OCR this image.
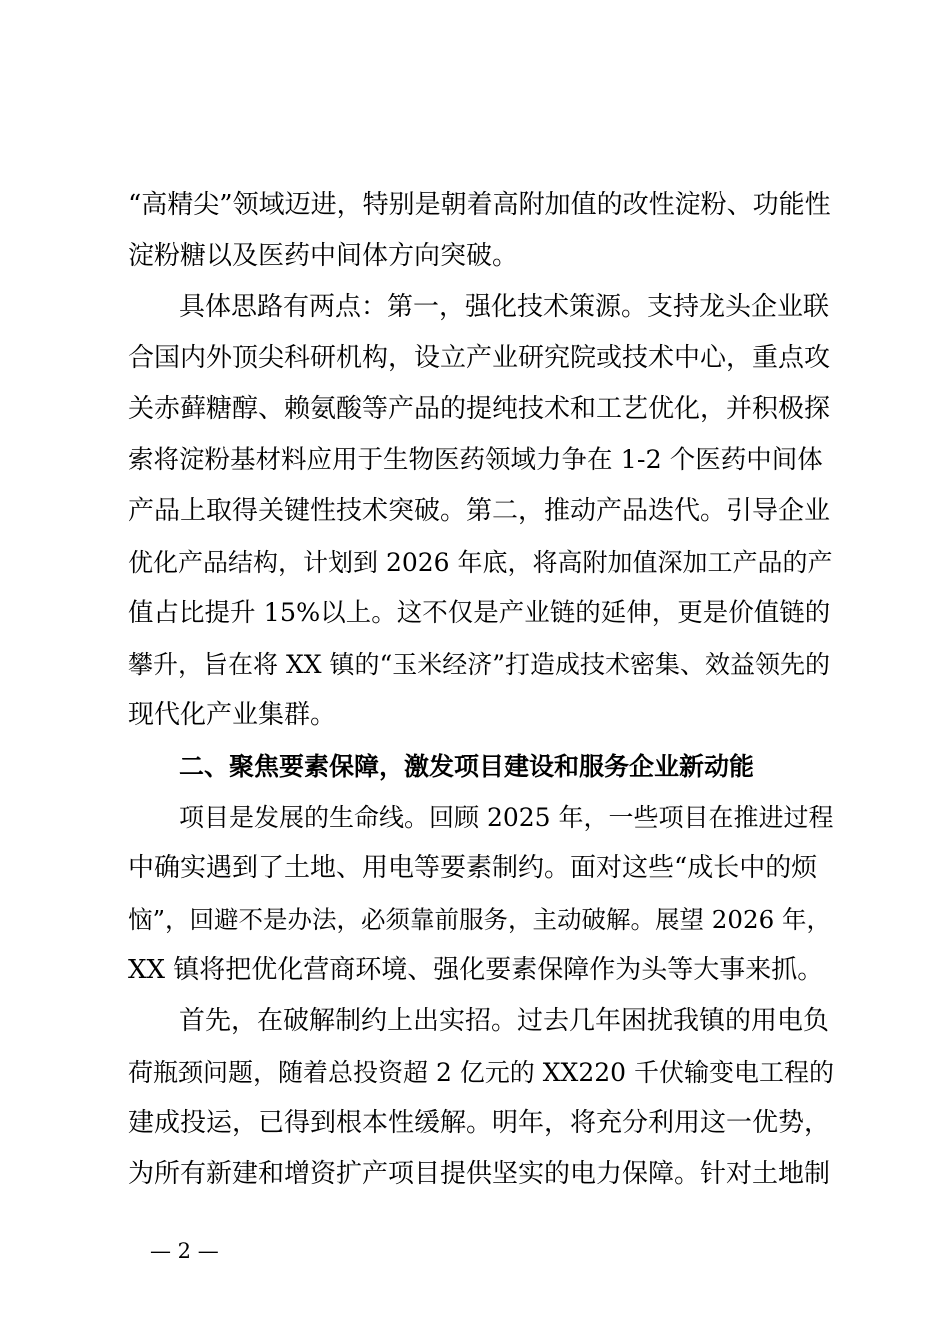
“高精尖”领域迈进，特别是朝着高附加值的改性淀粉、功能性
淀粉糖以及医药中间体方向突破。
具体思路有两点：第一，强化技术策源。支持龙头企业联
合国内外顶尖科研机构，设立产业研究院或技术中心，重点攻
关赤藓糖醇、赖氨酸等产品的提纯技术和工艺优化，并积极探
索将淀粉基材料应用于生物医药领域力争在 1-2 个医药中间体
产品上取得关键性技术突破。第二，推动产品迭代。引导企业
优化产品结构，计划到 2026 年底，将高附加值深加工产品的产
值占比提升 15%以上。这不仅是产业链的延伸，更是价值链的
攀升，旨在将 XX 镇的“玉米经济”打造成技术密集、效益领先的
现代化产业集群。
二、聚焦要素保障，激发项目建设和服务企业新动能
项目是发展的生命线。回顾 2025 年，一些项目在推进过程
中确实遇到了土地、用电等要素制约。面对这些“成长中的烦
恼”，回避不是办法，必须靠前服务，主动破解。展望 2026 年，
XX 镇将把优化营商环境、强化要素保障作为头等大事来抓。
首先，在破解制约上出实招。过去几年困扰我镇的用电负
荷瓶颈问题，随着总投资超 2 亿元的 XX220 千伏输变电工程的
建成投运，已得到根本性缓解。明年，将充分利用这一优势，
为所有新建和增资扩产项目提供坚实的电力保障。针对土地制
— 2 —
